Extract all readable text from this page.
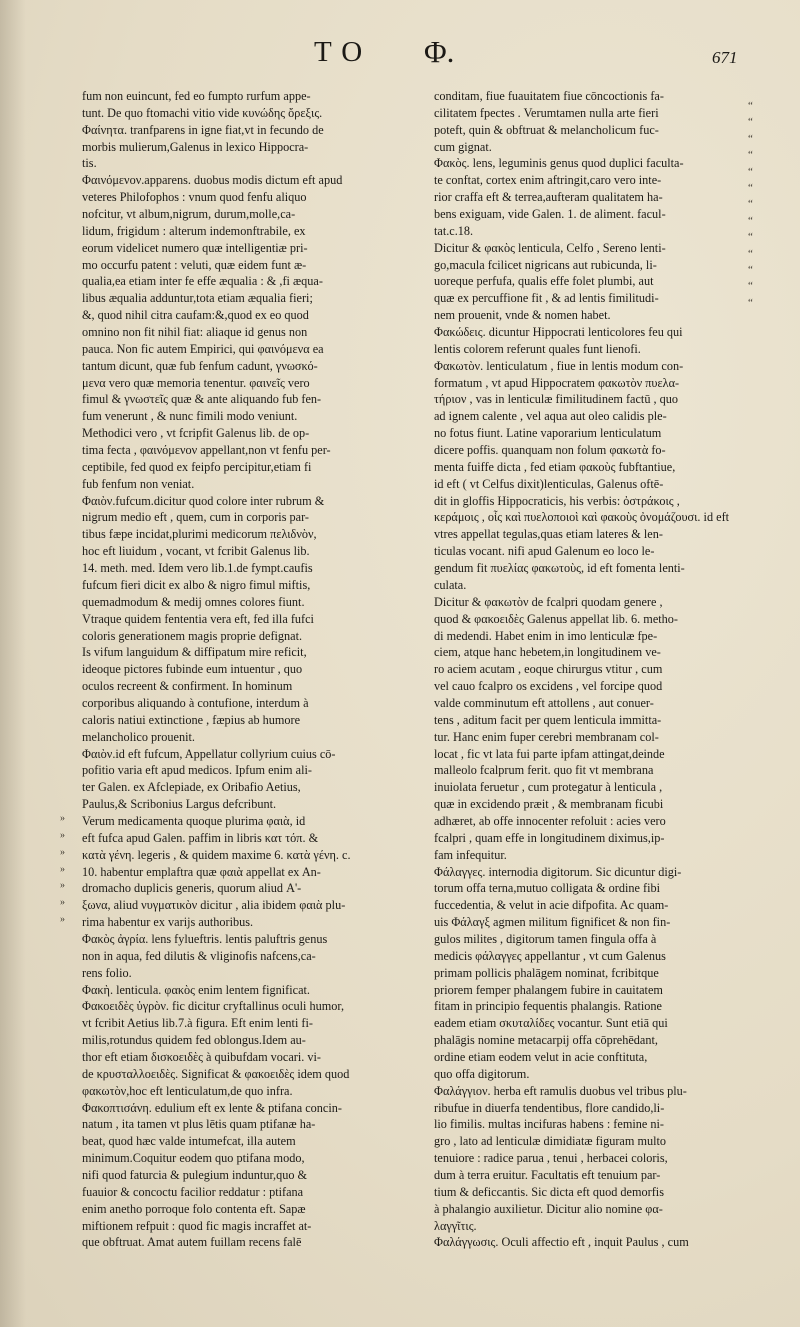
TO Φ.	671
fum non euincunt, fed eo fumpto rurfum appe-
tunt. De quo ftomachi vitio vide κυνώδης ὄρεξις.
Φαίνητα. tranfparens in igne fiat,vt in fecundo de
morbis mulierum,Galenus in lexico Hippocra-
tis.
Φαινόμενον.apparens. duobus modis dictum eft apud
veteres Philofophos : vnum quod fenfu aliquo
nofcitur, vt album,nigrum, durum,molle,ca-
lidum, frigidum : alterum indemonftrabile, ex
eorum videlicet numero quæ intelligentiæ pri-
mo occurfu patent : veluti, quæ eidem funt æ-
qualia,ea etiam inter fe effe æqualia : & ,fi æqua-
libus æqualia adduntur,tota etiam æqualia fieri;
&, quod nihil citra caufam:&,quod ex eo quod
omnino non fit nihil fiat: aliaque id genus non
pauca. Non fic autem Empirici, qui φαινόμενα ea
tantum dicunt, quæ fub fenfum cadunt, γνωσκό-
μενα vero quæ memoria tenentur. φαινεῖς vero
fimul & γνωστεῖς quæ & ante aliquando fub fen-
fum venerunt , & nunc fimili modo veniunt.
Methodici vero , vt fcripfit Galenus lib. de op-
tima fecta , φαινόμενον appellant,non vt fenfu per-
ceptibile, fed quod ex feipfo percipitur,etiam fi
fub fenfum non veniat.
Φαιὸν.fufcum.dicitur quod colore inter rubrum &
nigrum medio eft , quem, cum in corporis par-
tibus fæpe incidat,plurimi medicorum πελιδνὸν,
hoc eft liuidum , vocant, vt fcribit Galenus lib.
14. meth. med. Idem vero lib.1.de fympt.caufis
fufcum fieri dicit ex albo & nigro fimul miftis,
quemadmodum & medij omnes colores fiunt.
Vtraque quidem fententia vera eft, fed illa fufci
coloris generationem magis proprie defignat.
Is vifum languidum & diffipatum mire reficit,
ideoque pictores fubinde eum intuentur , quo
oculos recreent & confirment. In hominum
corporibus aliquando à contufione, interdum à
caloris natiui extinctione , fæpius ab humore
melancholico prouenit.
Φαιὸν.id eft fufcum, Appellatur collyrium cuius cō-
pofitio varia eft apud medicos. Ipfum enim ali-
ter Galen. ex Afclepiade, ex Oribafio Aetius,
Paulus,& Scribonius Largus defcribunt.
Verum medicamenta quoque plurima φαιὰ, id
eft fufca apud Galen. paffim in libris κατ τόπ. &
κατὰ γένη. legeris , & quidem maxime 6. κατὰ γένη. c.
10. habentur emplaftra quæ φαιὰ appellat ex An-
dromacho duplicis generis, quorum aliud Α'-
ξωνα, aliud νυγματικὸν dicitur , alia ibidem φαιὰ plu-
rima habentur ex varijs authoribus.
Φακὸς ἀγρία. lens fylueftris. lentis paluftris genus
non in aqua, fed dilutis & vliginofis nafcens,ca-
rens folio.
Φακὴ. lenticula. φακὸς enim lentem fignificat.
Φακοειδὲς ὑγρὸν. fic dicitur cryftallinus oculi humor,
vt fcribit Aetius lib.7.à figura. Eft enim lenti fi-
milis,rotundus quidem fed oblongus.Idem au-
thor eft etiam δισκοειδὲς à quibufdam vocari. vi-
de κρυσταλλοειδὲς. Significat & φακοειδὲς idem quod
φακωτὸν,hoc eft lenticulatum,de quo infra.
Φακοπτισάνη. edulium eft ex lente & ptifana concin-
natum , ita tamen vt plus lētis quam ptifanæ ha-
beat, quod hæc valde intumefcat, illa autem
minimum.Coquitur eodem quo ptifana modo,
nifi quod faturcia & pulegium induntur,quo &
fuauior & concoctu facilior reddatur : ptifana
enim anetho porroque folo contenta eft. Sapæ
miftionem refpuit : quod fic magis incraffet at-
que obftruat. Amat autem fuillam recens falē
conditam, fiue fuauitatem fiue cōncoctionis fa-
cilitatem fpectes . Verumtamen nulla arte fieri
poteft, quin & obftruat & melancholicum fuc-
cum gignat.
Φακὸς. lens, leguminis genus quod duplici faculta-
te conftat, cortex enim aftringit,caro vero inte-
rior craffa eft & terrea,aufteram qualitatem ha-
bens exiguam, vide Galen. 1. de aliment. facul-
tat.c.18.
Dicitur & φακὸς lenticula, Celfo , Sereno lenti-
go,macula fcilicet nigricans aut rubicunda, li-
uoreque perfufa, qualis effe folet plumbi, aut
quæ ex percuffione fit , & ad lentis fimilitudi-
nem prouenit, vnde & nomen habet.
Φακώδεις. dicuntur Hippocrati lenticolores feu qui
lentis colorem referunt quales funt lienofi.
Φακωτὸν. lenticulatum , fiue in lentis modum con-
formatum , vt apud Hippocratem φακωτὸν πυελα-
τήριον , vas in lenticulæ fimilitudinem factū , quo
ad ignem calente , vel aqua aut oleo calidis ple-
no fotus fiunt. Latine vaporarium lenticulatum
dicere poffis. quanquam non folum φακωτὰ fo-
menta fuiffe dicta , fed etiam φακοὺς fubftantiue,
id eft ( vt Celfus dixit)lenticulas, Galenus oftē-
dit in gloffis Hippocraticis, his verbis: ὀστράκοις ,
κεράμοις , οἷς καὶ πυελοποιοὶ καὶ φακοὺς ὀνομάζουσι. id eft
vtres appellat tegulas,quas etiam lateres & len-
ticulas vocant. nifi apud Galenum eo loco le-
gendum fit πυελίας φακωτοὺς, id eft fomenta lenti-
culata.
Dicitur & φακωτὸν de fcalpri quodam genere ,
quod & φακοειδὲς Galenus appellat lib. 6. metho-
di medendi. Habet enim in imo lenticulæ fpe-
ciem, atque hanc hebetem,in longitudinem ve-
ro aciem acutam , eoque chirurgus vtitur , cum
vel cauo fcalpro os excidens , vel forcipe quod
valde comminutum eft attollens , aut conuer-
tens , aditum facit per quem lenticula immitta-
tur. Hanc enim fuper cerebri membranam col-
locat , fic vt lata fui parte ipfam attingat,deinde
malleolo fcalprum ferit. quo fit vt membrana
inuiolata feruetur , cum protegatur à lenticula ,
quæ in excidendo præit , & membranam ficubi
adhæret, ab offe innocenter refoluit : acies vero
fcalpri , quam effe in longitudinem diximus,ip-
fam infequitur.
Φάλαγγες. internodia digitorum. Sic dicuntur digi-
torum offa terna,mutuo colligata & ordine fibi
fuccedentia, & velut in acie difpofita. Ac quam-
uis Φάλαγξ agmen militum fignificet & non fin-
gulos milites , digitorum tamen fingula offa à
medicis φάλαγγες appellantur , vt cum Galenus
primam pollicis phalāgem nominat, fcribitque
priorem femper phalangem fubire in cauitatem
fitam in principio fequentis phalangis. Ratione
eadem etiam σκυταλίδες vocantur. Sunt etiā qui
phalāgis nomine metacarpij offa cōprehēdant,
ordine etiam eodem velut in acie conftituta,
quo offa digitorum.
Φαλάγγιον. herba eft ramulis duobus vel tribus plu-
ribufue in diuerfa tendentibus, flore candido,li-
lio fimilis. multas incifuras habens : femine ni-
gro , lato ad lenticulæ dimidiatæ figuram multo
tenuiore : radice parua , tenui , herbacei coloris,
dum à terra eruitur. Facultatis eft tenuium par-
tium & deficcantis. Sic dicta eft quod demorfis
à phalangio auxilietur. Dicitur alio nomine φα-
λαγγῖτις.
Φαλάγγωσις. Oculi affectio eft , inquit Paulus , cum
“
“
“
“
“
“
“
“
“
“
“
“
“
»
»
»
»
»
»
»
